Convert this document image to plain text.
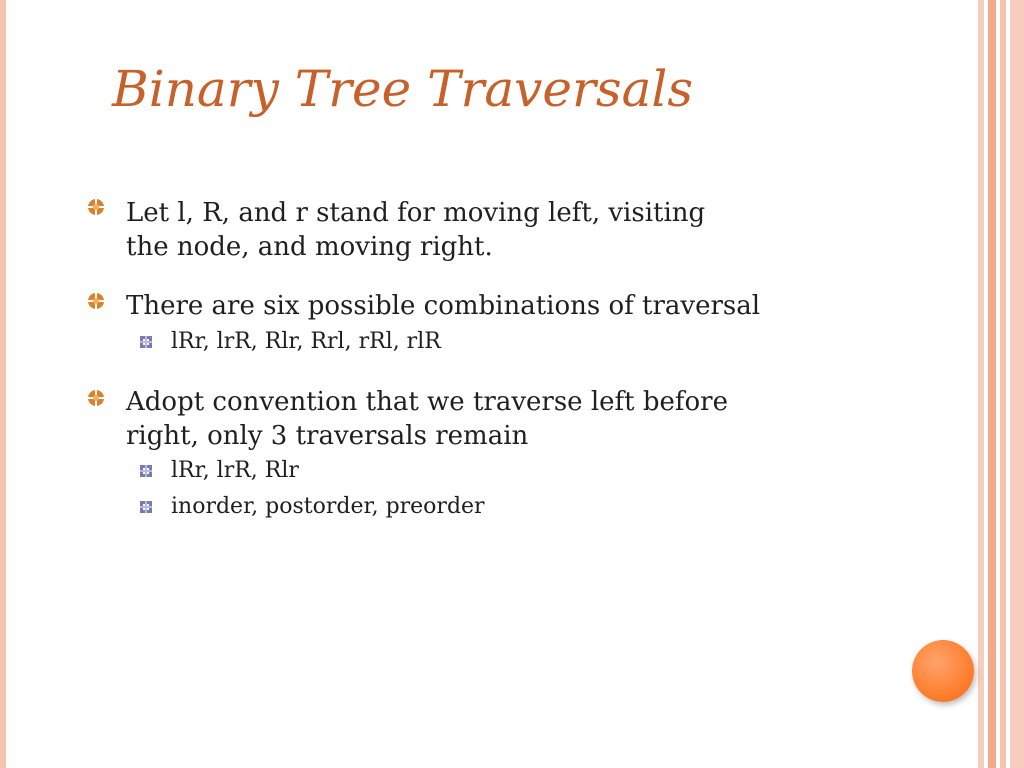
Binary Tree Traversals
Let l, R, and r stand for moving left, visiting
the node, and moving right.
There are six possible combinations of traversal
lRr, lrR, Rlr, Rrl, rRl, rlR
Adopt convention that we traverse left before
right, only 3 traversals remain
lRr, lrR, Rlr
inorder, postorder, preorder
